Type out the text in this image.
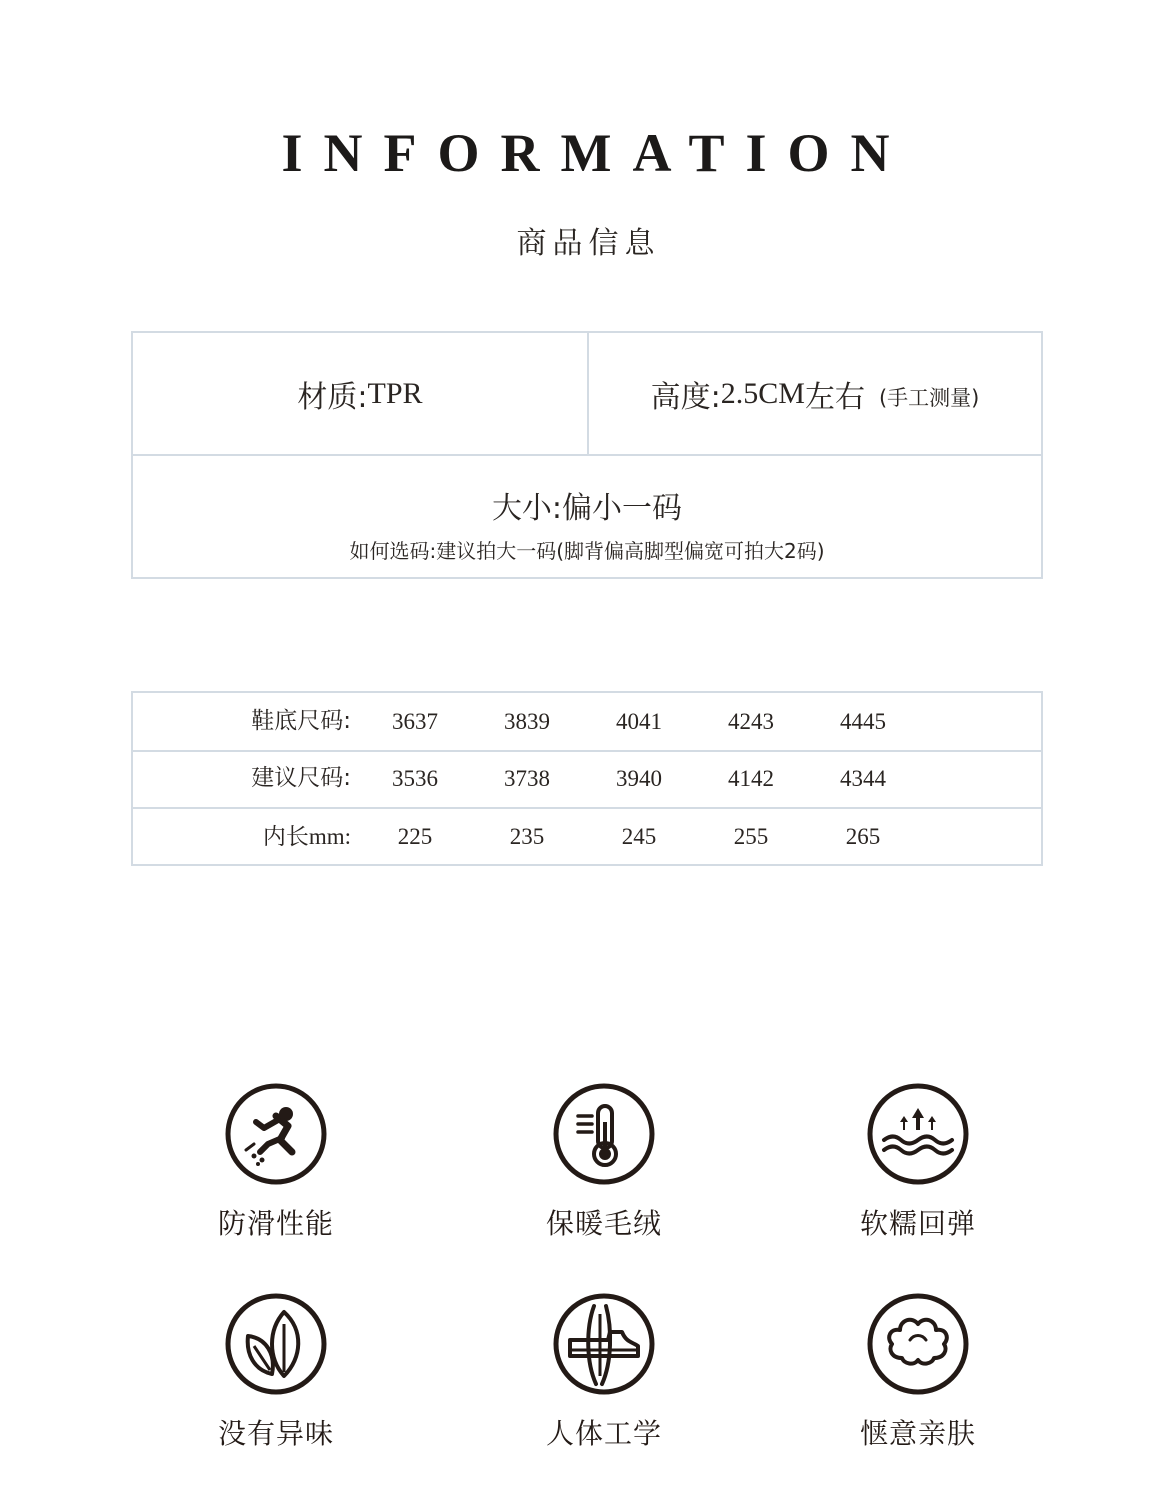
INFORMATION
商品信息
材质: TPR	高度: 2.5CM 左右 (手工测量)
大小:偏小一码
如何选码:建议拍大一码(脚背偏高脚型偏宽可拍大2码)
鞋底尺码:	3637	3839	4041	4243	4445
建议尺码:	3536	3738	3940	4142	4344
内长mm:	225	235	245	255	265
防滑性能	保暖毛绒	软糯回弹
没有异味	人体工学	惬意亲肤
